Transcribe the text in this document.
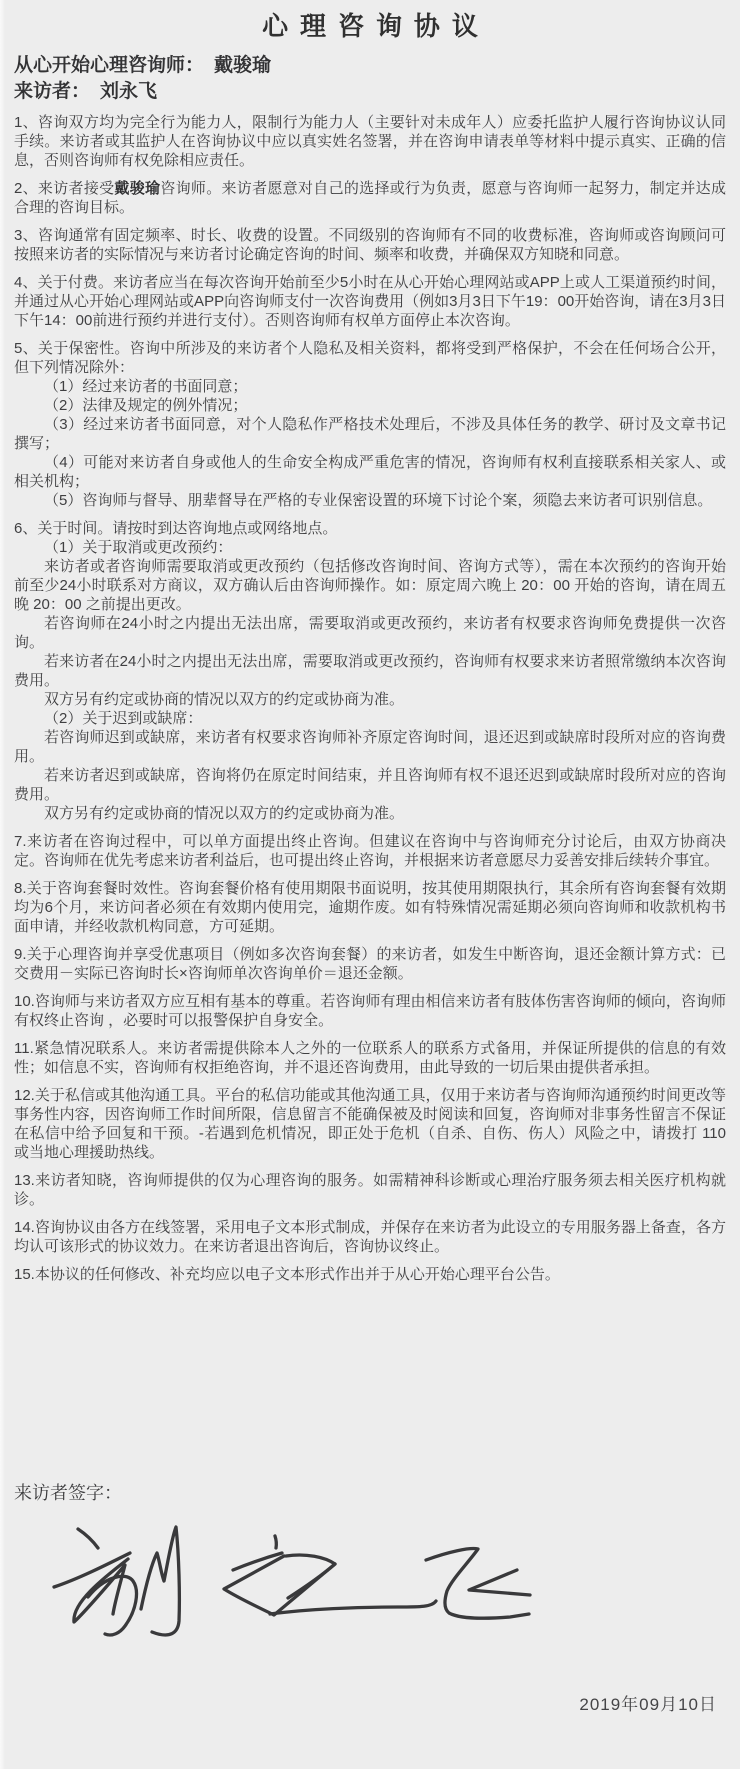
心理咨询协议
从心开始心理咨询师： 戴骏瑜
来访者： 刘永飞

1、咨询双方均为完全行为能力人，限制行为能力人（主要针对未成年人）应委托监护人履行咨询协议认同手续。来访者或其监护人在咨询协议中应以真实姓名签署，并在咨询申请表单等材料中提示真实、正确的信息，否则咨询师有权免除相应责任。

2、来访者接受戴骏瑜咨询师。来访者愿意对自己的选择或行为负责，愿意与咨询师一起努力，制定并达成合理的咨询目标。

3、咨询通常有固定频率、时长、收费的设置。不同级别的咨询师有不同的收费标准，咨询师或咨询顾问可按照来访者的实际情况与来访者讨论确定咨询的时间、频率和收费，并确保双方知晓和同意。

4、关于付费。来访者应当在每次咨询开始前至少5小时在从心开始心理网站或APP上或人工渠道预约时间，并通过从心开始心理网站或APP向咨询师支付一次咨询费用（例如3月3日下午19：00开始咨询，请在3月3日下午14：00前进行预约并进行支付）。否则咨询师有权单方面停止本次咨询。

5、关于保密性。咨询中所涉及的来访者个人隐私及相关资料，都将受到严格保护，不会在任何场合公开，但下列情况除外：

（1）经过来访者的书面同意；

（2）法律及规定的例外情况；

（3）经过来访者书面同意，对个人隐私作严格技术处理后，不涉及具体任务的教学、研讨及文章书记撰写；

（4）可能对来访者自身或他人的生命安全构成严重危害的情况，咨询师有权利直接联系相关家人、或相关机构；

（5）咨询师与督导、朋辈督导在严格的专业保密设置的环境下讨论个案，须隐去来访者可识别信息。

6、关于时间。请按时到达咨询地点或网络地点。

（1）关于取消或更改预约：

来访者或者咨询师需要取消或更改预约（包括修改咨询时间、咨询方式等），需在本次预约的咨询开始前至少24小时联系对方商议，双方确认后由咨询师操作。如：原定周六晚上 20：00 开始的咨询，请在周五晚 20：00 之前提出更改。

若咨询师在24小时之内提出无法出席，需要取消或更改预约，来访者有权要求咨询师免费提供一次咨询。

若来访者在24小时之内提出无法出席，需要取消或更改预约，咨询师有权要求来访者照常缴纳本次咨询费用。

双方另有约定或协商的情况以双方的约定或协商为准。

（2）关于迟到或缺席：

若咨询师迟到或缺席，来访者有权要求咨询师补齐原定咨询时间，退还迟到或缺席时段所对应的咨询费用。

若来访者迟到或缺席，咨询将仍在原定时间结束，并且咨询师有权不退还迟到或缺席时段所对应的咨询费用。

双方另有约定或协商的情况以双方的约定或协商为准。

7.来访者在咨询过程中，可以单方面提出终止咨询。但建议在咨询中与咨询师充分讨论后，由双方协商决定。咨询师在优先考虑来访者利益后，也可提出终止咨询，并根据来访者意愿尽力妥善安排后续转介事宜。

8.关于咨询套餐时效性。咨询套餐价格有使用期限书面说明，按其使用期限执行，其余所有咨询套餐有效期均为6个月，来访问者必须在有效期内使用完，逾期作废。如有特殊情况需延期必须向咨询师和收款机构书面申请，并经收款机构同意，方可延期。

9.关于心理咨询并享受优惠项目（例如多次咨询套餐）的来访者，如发生中断咨询，退还金额计算方式：已交费用－实际已咨询时长×咨询师单次咨询单价＝退还金额。

10.咨询师与来访者双方应互相有基本的尊重。若咨询师有理由相信来访者有肢体伤害咨询师的倾向，咨询师有权终止咨询 ，必要时可以报警保护自身安全。

11.紧急情况联系人。来访者需提供除本人之外的一位联系人的联系方式备用，并保证所提供的信息的有效性；如信息不实，咨询师有权拒绝咨询，并不退还咨询费用，由此导致的一切后果由提供者承担。

12.关于私信或其他沟通工具。平台的私信功能或其他沟通工具，仅用于来访者与咨询师沟通预约时间更改等事务性内容，因咨询师工作时间所限，信息留言不能确保被及时阅读和回复，咨询师对非事务性留言不保证在私信中给予回复和干预。-若遇到危机情况，即正处于危机（自杀、自伤、伤人）风险之中，请拨打 110 或当地心理援助热线。

13.来访者知晓，咨询师提供的仅为心理咨询的服务。如需精神科诊断或心理治疗服务须去相关医疗机构就诊。

14.咨询协议由各方在线签署，采用电子文本形式制成，并保存在来访者为此设立的专用服务器上备查，各方均认可该形式的协议效力。在来访者退出咨询后，咨询协议终止。

15.本协议的任何修改、补充均应以电子文本形式作出并于从心开始心理平台公告。

来访者签字：
2019年09月10日
